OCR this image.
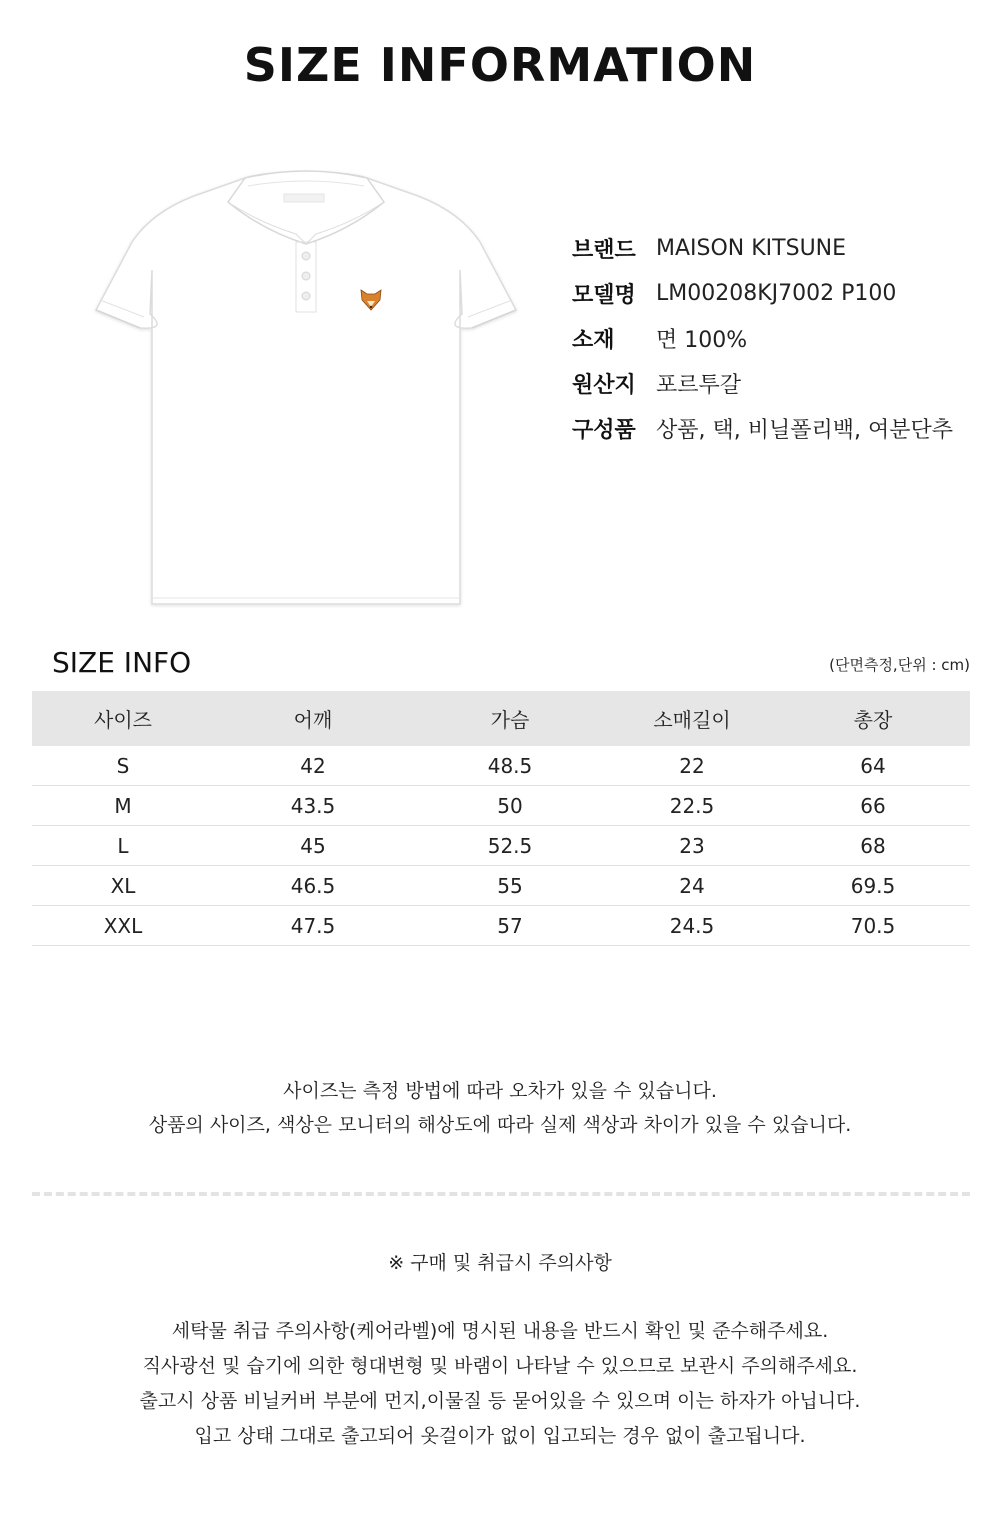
SIZE INFORMATION
브랜드 MAISON KITSUNE
모델명 LM00208KJ7002 P100
소재	면 100%
원산지 포르투갈
구성품 상품, 택, 비닐폴리백, 여분단추
SIZE INFO	(단면측정,단위 : cm)
사이즈	어깨	가슴	소매길이	총장
S	42	48.5	22	64
M	43.5	50	22.5	66
L	45	52.5	23	68
XL	46.5	55	24	69.5
XXL	47.5	57	24.5	70.5
사이즈는 측정 방법에 따라 오차가 있을 수 있습니다.
상품의 사이즈, 색상은 모니터의 해상도에 따라 실제 색상과 차이가 있을 수 있습니다.
※ 구매 및 취급시 주의사항
세탁물 취급 주의사항(케어라벨)에 명시된 내용을 반드시 확인 및 준수해주세요.
직사광선 및 습기에 의한 형대변형 및 바램이 나타날 수 있으므로 보관시 주의해주세요.
출고시 상품 비닐커버 부분에 먼지,이물질 등 묻어있을 수 있으며 이는 하자가 아닙니다.
입고 상태 그대로 출고되어 옷걸이가 없이 입고되는 경우 없이 출고됩니다.
